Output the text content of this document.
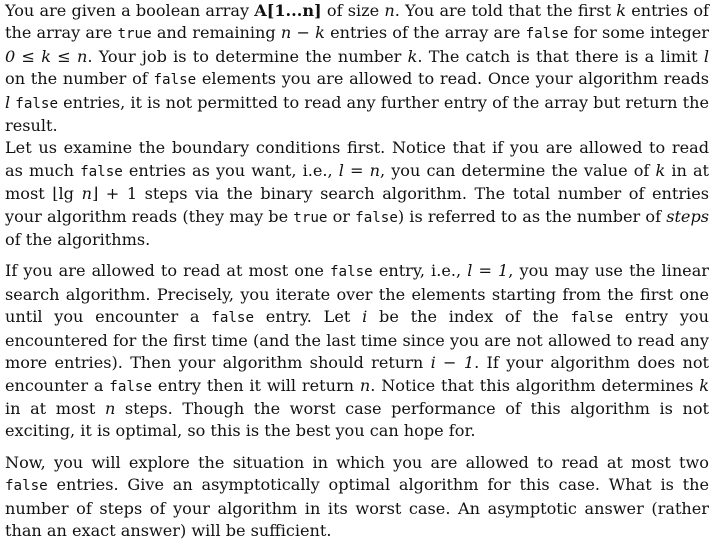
You are given a boolean array A[1...n] of size n. You are told that the first k entries of the array are true and remaining n − k entries of the array are false for some integer 0 ≤ k ≤ n. Your job is to determine the number k. The catch is that there is a limit l on the number of false elements you are allowed to read. Once your algorithm reads l false entries, it is not permitted to read any further entry of the array but return the result.

Let us examine the boundary conditions first. Notice that if you are allowed to read as much false entries as you want, i.e., l = n, you can determine the value of k in at most ⌊lg n⌋ + 1 steps via the binary search algorithm. The total number of entries your algorithm reads (they may be true or false) is referred to as the number of steps of the algorithms.

If you are allowed to read at most one false entry, i.e., l = 1, you may use the linear search algorithm. Precisely, you iterate over the elements starting from the first one until you encounter a false entry. Let i be the index of the false entry you encountered for the first time (and the last time since you are not allowed to read any more entries). Then your algorithm should return i − 1. If your algorithm does not encounter a false entry then it will return n. Notice that this algorithm determines k in at most n steps. Though the worst case performance of this algorithm is not exciting, it is optimal, so this is the best you can hope for.

Now, you will explore the situation in which you are allowed to read at most two false entries. Give an asymptotically optimal algorithm for this case. What is the number of steps of your algorithm in its worst case. An asymptotic answer (rather than an exact answer) will be sufficient.
